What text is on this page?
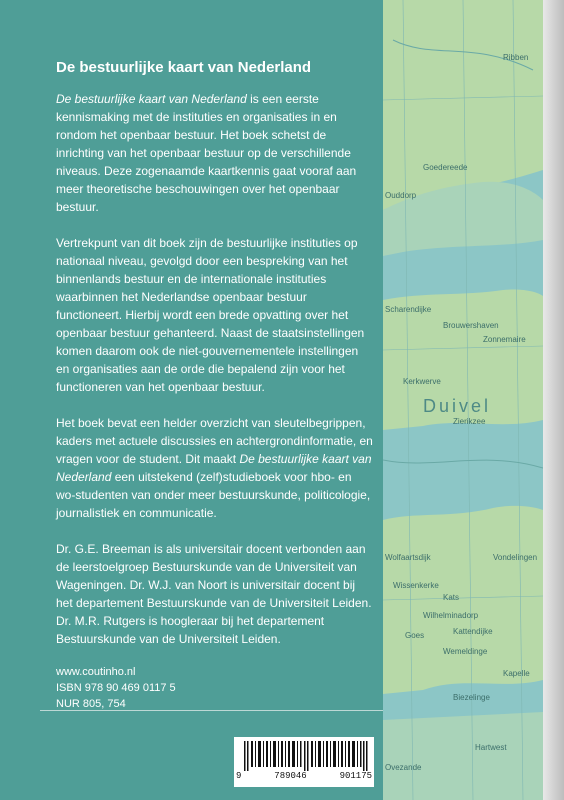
Ribben
Goedereede
Ouddorp
Scharendijke
Brouwershaven
Zonnemaire
Kerkwerve
Duivel
Zierikzee
Wissenkerke
Kats
Goes
Wemeldinge
Kapelle
Kattendijke
Vondelingen
Hartwest
Wolfaartsdijk
Wilhelminadorp
Ovezande
Biezelinge
De bestuurlijke kaart van Nederland

De bestuurlijke kaart van Nederland is een eerste kennismaking met de instituties en organisaties in en rondom het openbaar bestuur. Het boek schetst de inrichting van het openbaar bestuur op de verschillende niveaus. Deze zogenaamde kaartkennis gaat vooraf aan meer theoretische beschouwingen over het openbaar bestuur.

Vertrekpunt van dit boek zijn de bestuurlijke instituties op nationaal niveau, gevolgd door een bespreking van het binnenlands bestuur en de internationale instituties waarbinnen het Nederlandse openbaar bestuur functioneert. Hierbij wordt een brede opvatting over het openbaar bestuur gehanteerd. Naast de staatsinstellingen komen daarom ook de niet-gouvernementele instellingen en organisaties aan de orde die bepalend zijn voor het functioneren van het openbaar bestuur.

Het boek bevat een helder overzicht van sleutelbegrippen, kaders met actuele discussies en achtergrondinformatie, en vragen voor de student. Dit maakt De bestuurlijke kaart van Nederland een uitstekend (zelf)studieboek voor hbo- en wo-studenten van onder meer bestuurskunde, politicologie, journalistiek en communicatie.

Dr. G.E. Breeman is als universitair docent verbonden aan de leerstoelgroep Bestuurskunde van de Universiteit van Wageningen. Dr. W.J. van Noort is universitair docent bij het departement Bestuurskunde van de Universiteit Leiden. Dr. M.R. Rutgers is hoogleraar bij het departement Bestuurskunde van de Universiteit Leiden.

www.coutinho.nl
ISBN 978 90 469 0117 5
NUR 805, 754
9	789046	901175
